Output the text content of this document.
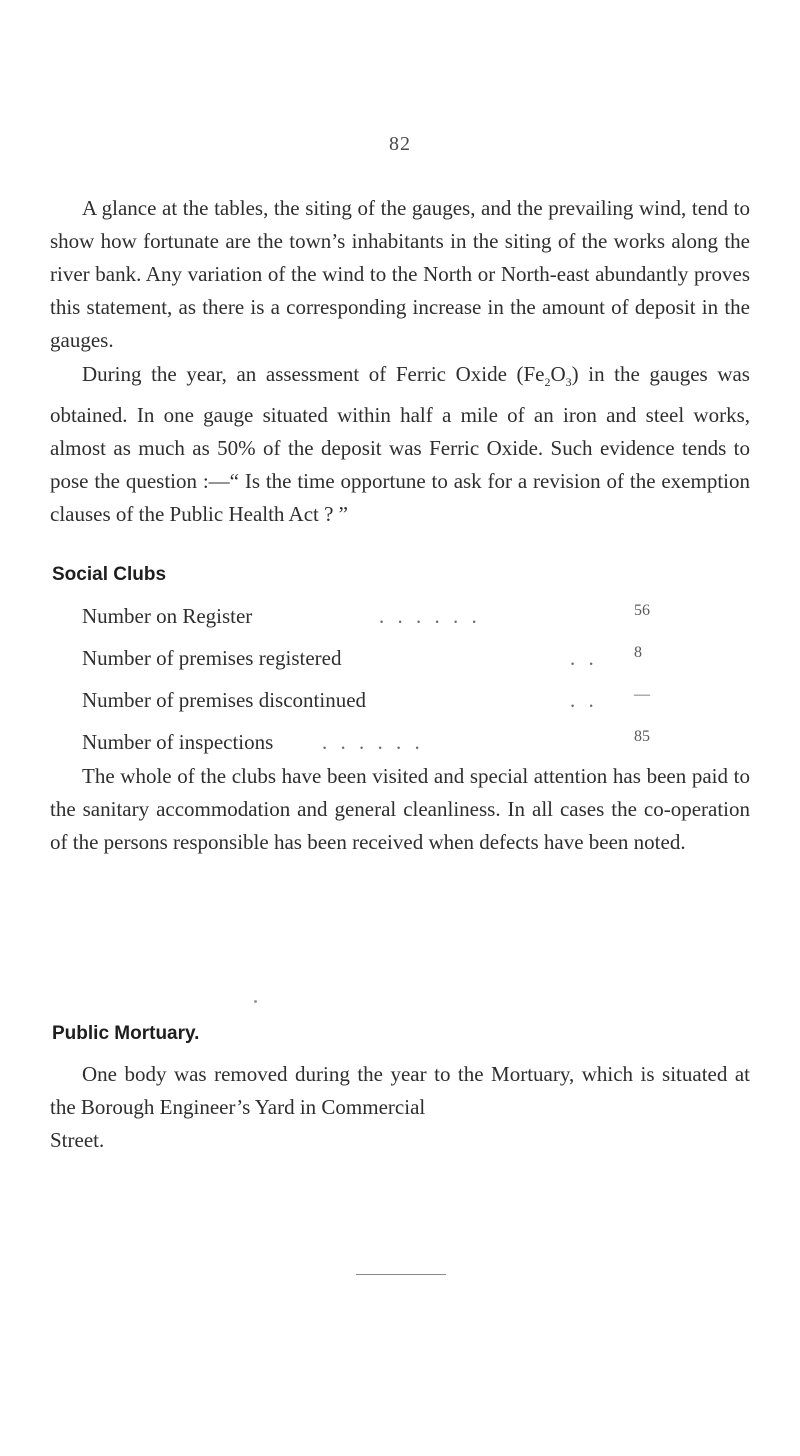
82

A glance at the tables, the siting of the gauges, and the prevailing wind, tend to show how fortunate are the town’s inhabitants in the siting of the works along the river bank. Any variation of the wind to the North or North-east abundantly proves this statement, as there is a corresponding increase in the amount of deposit in the gauges.

During the year, an assessment of Ferric Oxide $(Fe_2O_3)$ in the gauges was obtained. In one gauge situated within half a mile of an iron and steel works, almost as much as 50% of the deposit was Ferric Oxide. Such evidence tends to pose the question :—“ Is the time opportune to ask for a revision of the exemption clauses of the Public Health Act ? ”

Social Clubs
Number on Register	. . . . . .	56
Number of premises registered	. . 8
Number of premises discontinued	. . —
Number of inspections . . . . . .	85

The whole of the clubs have been visited and special attention has been paid to the sanitary accommodation and general cleanliness. In all cases the co-operation of the persons responsible has been received when defects have been noted.

Public Mortuary.

One body was removed during the year to the Mortuary, which is situated at the Borough Engineer’s Yard in Commercial

Street.
